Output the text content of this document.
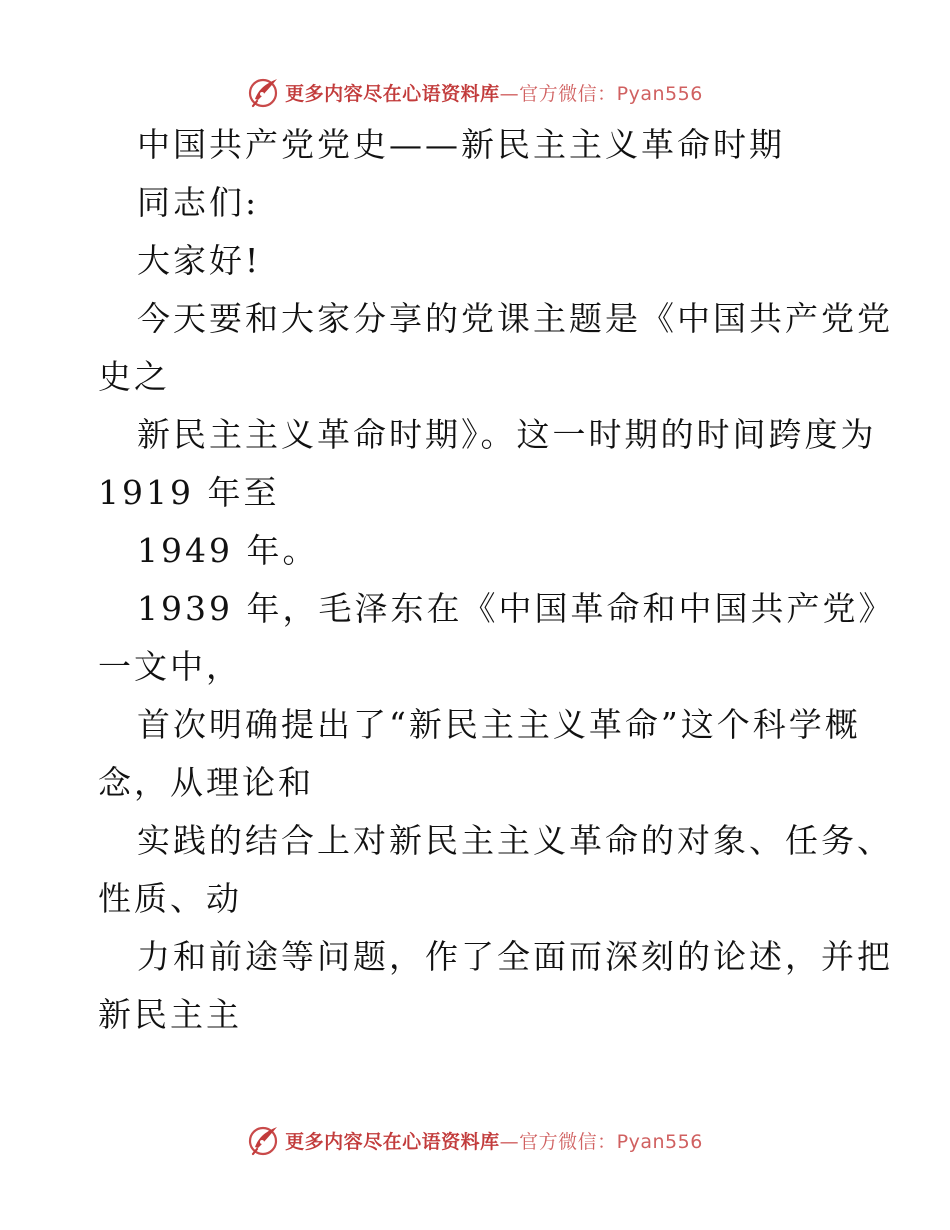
更多内容尽在心语资料库—官方微信：Pyan556
中国共产党党史——新民主主义革命时期
同志们:
大家好!
今天要和大家分享的党课主题是《中国共产党党
史之
新民主主义革命时期》。这一时期的时间跨度为
1919 年至
1949 年。
1939 年，毛泽东在《中国革命和中国共产党》
一文中，
首次明确提出了“新民主主义革命”这个科学概
念，从理论和
实践的结合上对新民主主义革命的对象、任务、
性质、动
力和前途等问题，作了全面而深刻的论述，并把
新民主主
更多内容尽在心语资料库—官方微信：Pyan556
